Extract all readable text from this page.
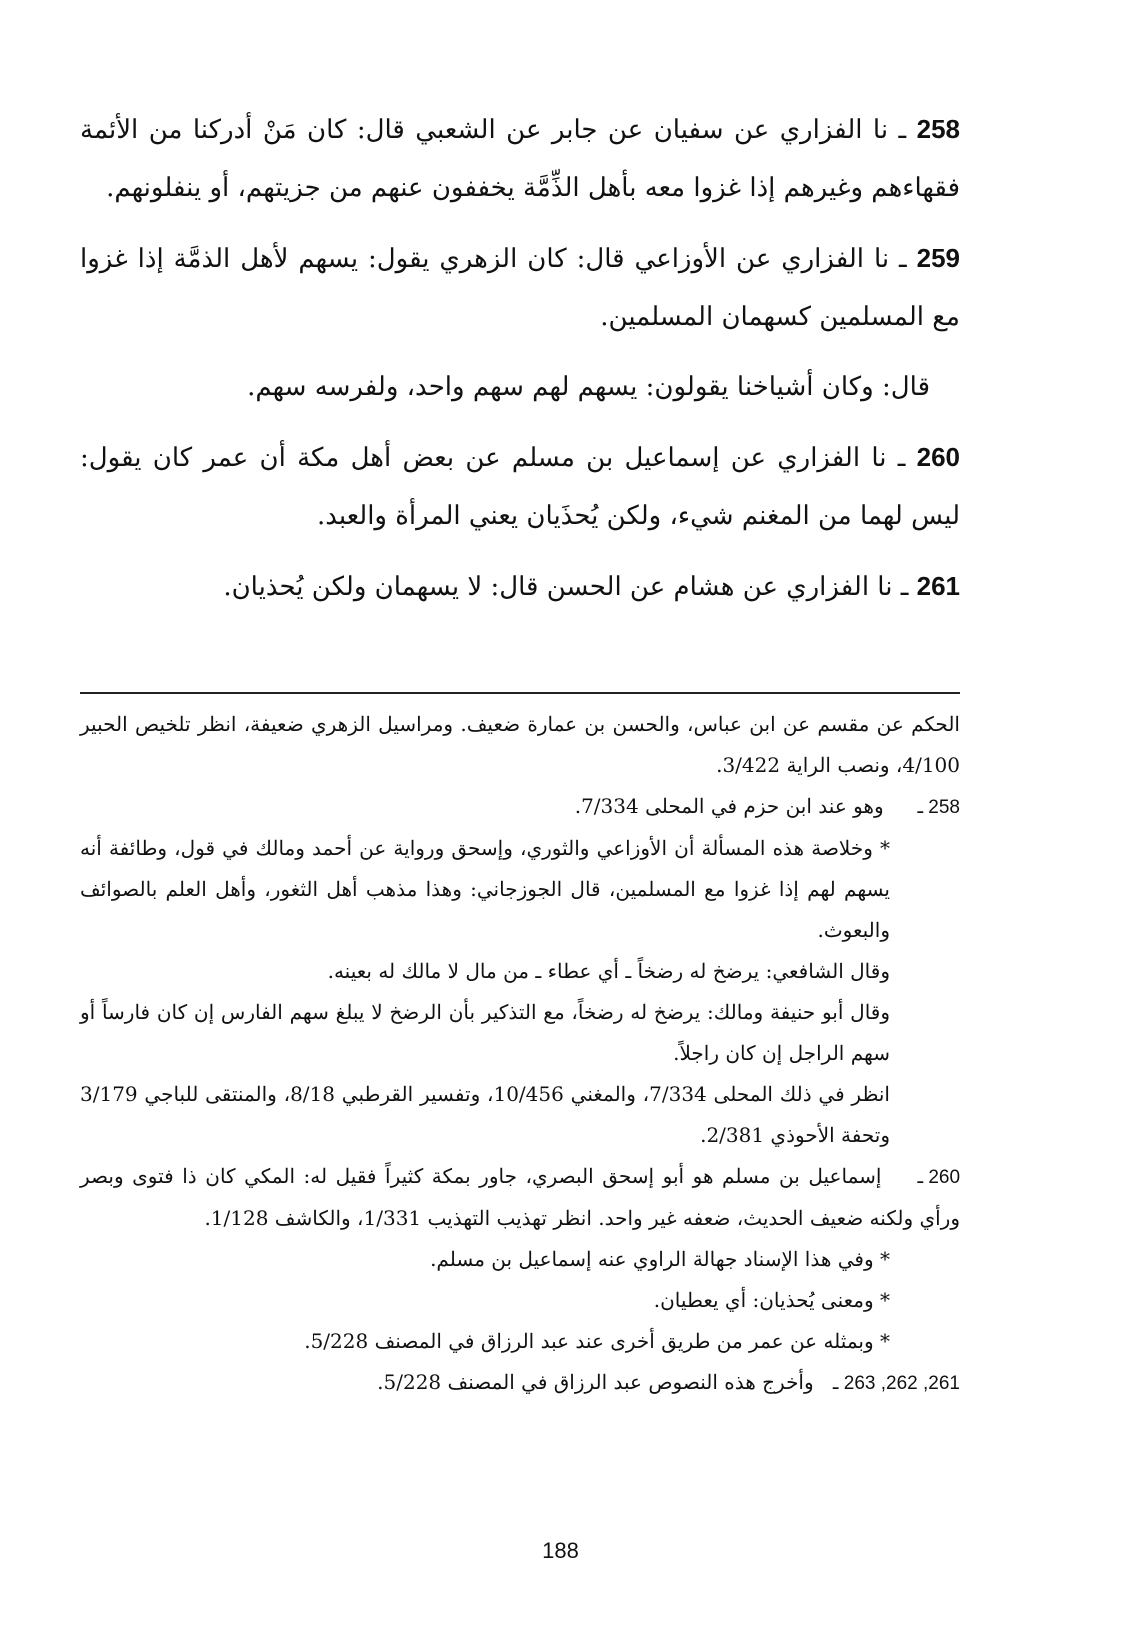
258 ـ نا الفزاري عن سفيان عن جابر عن الشعبي قال: كان مَنْ أدركنا من الأئمة فقهاءهم وغيرهم إذا غزوا معه بأهل الذِّمَّة يخففون عنهم من جزيتهم، أو ينفلونهم.

259 ـ نا الفزاري عن الأوزاعي قال: كان الزهري يقول: يسهم لأهل الذمَّة إذا غزوا مع المسلمين كسهمان المسلمين.

قال: وكان أشياخنا يقولون: يسهم لهم سهم واحد، ولفرسه سهم.

260 ـ نا الفزاري عن إسماعيل بن مسلم عن بعض أهل مكة أن عمر كان يقول: ليس لهما من المغنم شيء، ولكن يُحذَيان يعني المرأة والعبد.

261 ـ نا الفزاري عن هشام عن الحسن قال: لا يسهمان ولكن يُحذيان.

الحكم عن مقسم عن ابن عباس، والحسن بن عمارة ضعيف. ومراسيل الزهري ضعيفة، انظر تلخيص الحبير 4/100، ونصب الراية 3/422.

258 ـ وهو عند ابن حزم في المحلى 7/334.

* وخلاصة هذه المسألة أن الأوزاعي والثوري، وإسحق ورواية عن أحمد ومالك في قول، وطائفة أنه يسهم لهم إذا غزوا مع المسلمين، قال الجوزجاني: وهذا مذهب أهل الثغور، وأهل العلم بالصوائف والبعوث.

وقال الشافعي: يرضخ له رضخاً ـ أي عطاء ـ من مال لا مالك له بعينه.

وقال أبو حنيفة ومالك: يرضخ له رضخاً، مع التذكير بأن الرضخ لا يبلغ سهم الفارس إن كان فارساً أو سهم الراجل إن كان راجلاً.

انظر في ذلك المحلى 7/334، والمغني 10/456، وتفسير القرطبي 8/18، والمنتقى للباجي 3/179 وتحفة الأحوذي 2/381.

260 ـ إسماعيل بن مسلم هو أبو إسحق البصري، جاور بمكة كثيراً فقيل له: المكي كان ذا فتوى وبصر ورأي ولكنه ضعيف الحديث، ضعفه غير واحد. انظر تهذيب التهذيب 1/331، والكاشف 1/128.

* وفي هذا الإسناد جهالة الراوي عنه إسماعيل بن مسلم.

* ومعنى يُحذيان: أي يعطيان.

* وبمثله عن عمر من طريق أخرى عند عبد الرزاق في المصنف 5/228.

261, 262, 263 ـ وأخرج هذه النصوص عبد الرزاق في المصنف 5/228.

188
